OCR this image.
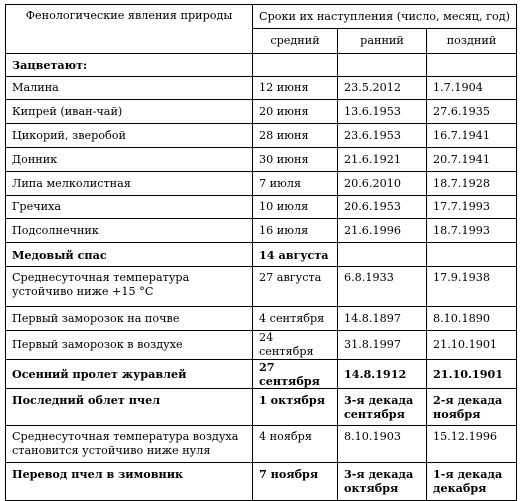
Фенологические явления природы	Сроки их наступления (число, месяц, год)		
	средний	ранний	поздний
Зацветают:			
Малина	12 июня	23.5.2012	1.7.1904
Кипрей (иван-чай)	20 июня	13.6.1953	27.6.1935
Цикорий, зверобой	28 июня	23.6.1953	16.7.1941
Донник	30 июня	21.6.1921	20.7.1941
Липа мелколистная	7 июля	20.6.2010	18.7.1928
Гречиха	10 июля	20.6.1953	17.7.1993
Подсолнечник	16 июля	21.6.1996	18.7.1993
Медовый спас	14 августа		
Среднесуточная температура устойчиво ниже +15 °С	27 августа	6.8.1933	17.9.1938
Первый заморозок на почве	4 сентября	14.8.1897	8.10.1890
Первый заморозок в воздухе	24 сентября	31.8.1997	21.10.1901
Осенний пролет журавлей	27 сентября	14.8.1912	21.10.1901
Последний облет пчел	1 октября	3-я декада сентября	2-я декада ноября
Среднесуточная температура воздуха становится устойчиво ниже нуля	4 ноября	8.10.1903	15.12.1996
Перевод пчел в зимовник	7 ноября	3-я декада октября	1-я декада декабря
